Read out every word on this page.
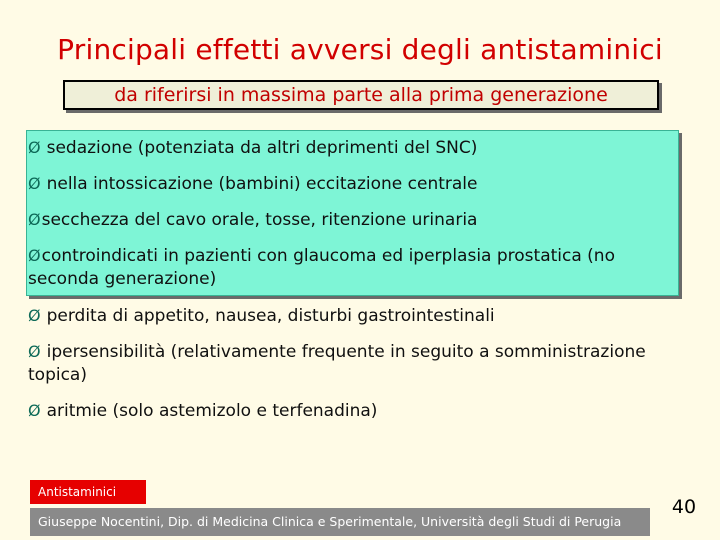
Principali effetti avversi degli antistaminici
da riferirsi in massima parte alla prima generazione
Ø sedazione (potenziata da altri deprimenti del SNC)
Ø nella intossicazione (bambini) eccitazione centrale
Øsecchezza del cavo orale, tosse, ritenzione urinaria
Øcontroindicati in pazienti con glaucoma ed iperplasia prostatica (no seconda generazione)
Ø perdita di appetito, nausea, disturbi gastrointestinali
Ø ipersensibilità (relativamente frequente in seguito a somministrazione topica)
Ø aritmie (solo astemizolo e terfenadina)
Antistaminici
Giuseppe Nocentini, Dip. di Medicina Clinica e Sperimentale, Università degli Studi di Perugia
40
